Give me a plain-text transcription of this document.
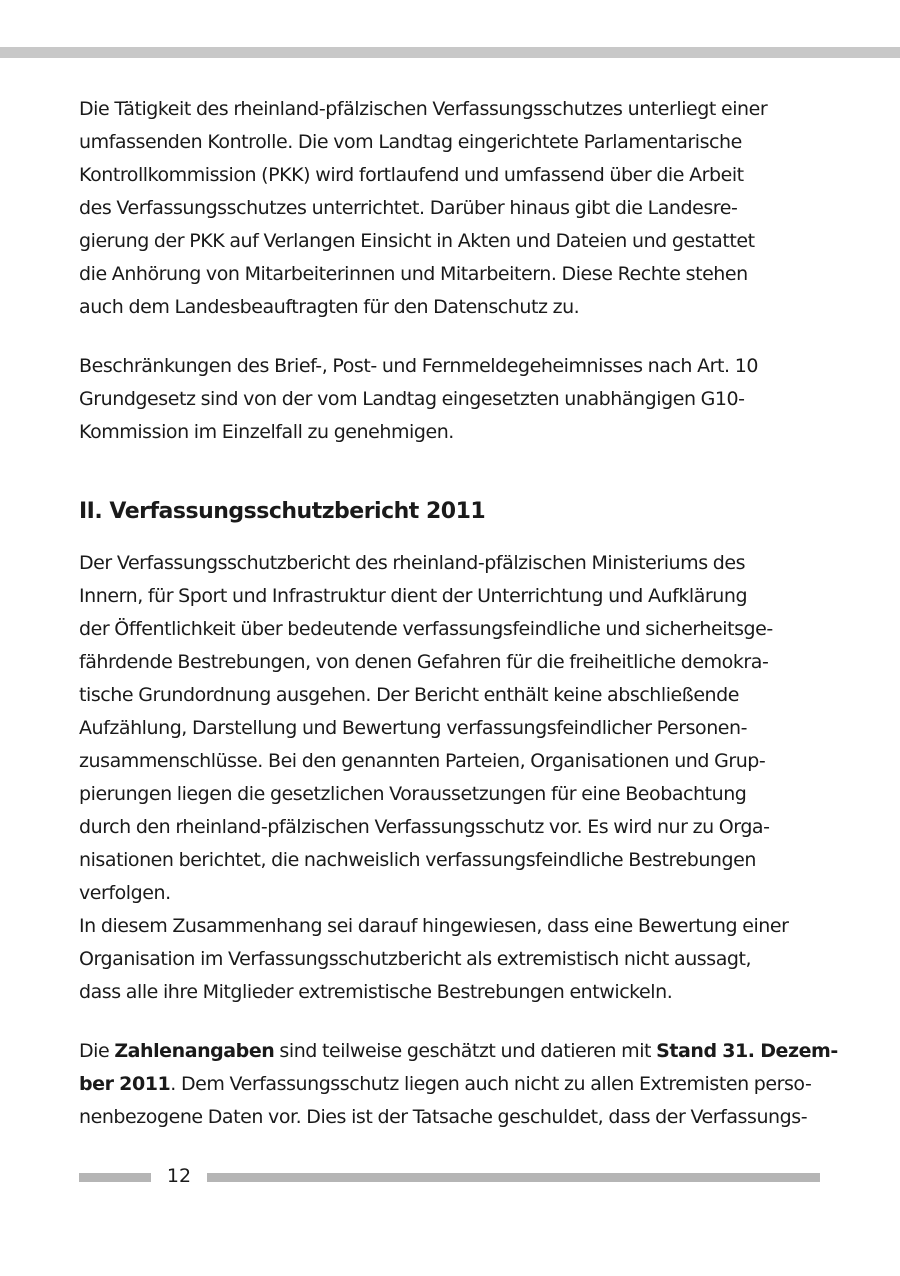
Die Tätigkeit des rheinland-pfälzischen Verfassungsschutzes unterliegt einer
umfassenden Kontrolle. Die vom Landtag eingerichtete Parlamentarische
Kontrollkommission (PKK) wird fortlaufend und umfassend über die Arbeit
des Verfassungsschutzes unterrichtet. Darüber hinaus gibt die Landesre-
gierung der PKK auf Verlangen Einsicht in Akten und Dateien und gestattet
die Anhörung von Mitarbeiterinnen und Mitarbeitern. Diese Rechte stehen
auch dem Landesbeauftragten für den Datenschutz zu.

Beschränkungen des Brief-, Post- und Fernmeldegeheimnisses nach Art. 10
Grundgesetz sind von der vom Landtag eingesetzten unabhängigen G10-
Kommission im Einzelfall zu genehmigen.

II. Verfassungsschutzbericht 2011

Der Verfassungsschutzbericht des rheinland-pfälzischen Ministeriums des
Innern, für Sport und Infrastruktur dient der Unterrichtung und Aufklärung
der Öffentlichkeit über bedeutende verfassungsfeindliche und sicherheitsge-
fährdende Bestrebungen, von denen Gefahren für die freiheitliche demokra-
tische Grundordnung ausgehen. Der Bericht enthält keine abschließende
Aufzählung, Darstellung und Bewertung verfassungsfeindlicher Personen-
zusammenschlüsse. Bei den genannten Parteien, Organisationen und Grup-
pierungen liegen die gesetzlichen Voraussetzungen für eine Beobachtung
durch den rheinland-pfälzischen Verfassungsschutz vor. Es wird nur zu Orga-
nisationen berichtet, die nachweislich verfassungsfeindliche Bestrebungen
verfolgen.
In diesem Zusammenhang sei darauf hingewiesen, dass eine Bewertung einer
Organisation im Verfassungsschutzbericht als extremistisch nicht aussagt,
dass alle ihre Mitglieder extremistische Bestrebungen entwickeln.

Die Zahlenangaben sind teilweise geschätzt und datieren mit Stand 31. Dezem-
ber 2011. Dem Verfassungsschutz liegen auch nicht zu allen Extremisten perso-
nenbezogene Daten vor. Dies ist der Tatsache geschuldet, dass der Verfassungs-

12
